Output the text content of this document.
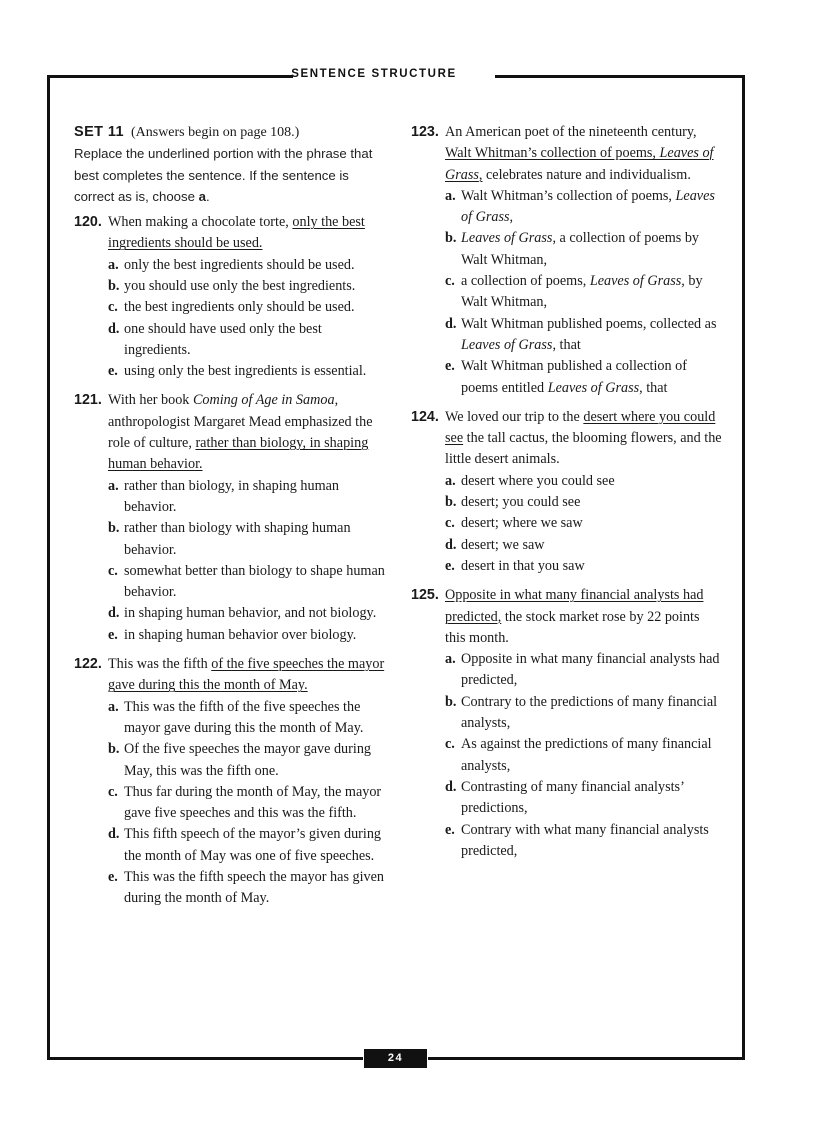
SENTENCE STRUCTURE
24
SET 11 (Answers begin on page 108.)

Replace the underlined portion with the phrase that best completes the sentence. If the sentence is correct as is, choose a.

120. When making a chocolate torte, only the best ingredients should be used.
a. only the best ingredients should be used.
b. you should use only the best ingredients.
c. the best ingredients only should be used.
d. one should have used only the best ingredients.
e. using only the best ingredients is essential.
121. With her book Coming of Age in Samoa, anthropologist Margaret Mead emphasized the role of culture, rather than biology, in shaping human behavior.
a. rather than biology, in shaping human behavior.
b. rather than biology with shaping human behavior.
c. somewhat better than biology to shape human behavior.
d. in shaping human behavior, and not biology.
e. in shaping human behavior over biology.
122. This was the fifth of the five speeches the mayor gave during this the month of May.
a. This was the fifth of the five speeches the mayor gave during this the month of May.
b. Of the five speeches the mayor gave during May, this was the fifth one.
c. Thus far during the month of May, the mayor gave five speeches and this was the fifth.
d. This fifth speech of the mayor’s given during the month of May was one of five speeches.
e. This was the fifth speech the mayor has given during the month of May.
123. An American poet of the nineteenth century, Walt Whitman’s collection of poems, Leaves of Grass, celebrates nature and individualism.
a. Walt Whitman’s collection of poems, Leaves of Grass,
b. Leaves of Grass, a collection of poems by Walt Whitman,
c. a collection of poems, Leaves of Grass, by Walt Whitman,
d. Walt Whitman published poems, collected as Leaves of Grass, that
e. Walt Whitman published a collection of poems entitled Leaves of Grass, that
124. We loved our trip to the desert where you could see the tall cactus, the blooming flowers, and the little desert animals.
a. desert where you could see
b. desert; you could see
c. desert; where we saw
d. desert; we saw
e. desert in that you saw
125. Opposite in what many financial analysts had predicted, the stock market rose by 22 points this month.
a. Opposite in what many financial analysts had predicted,
b. Contrary to the predictions of many financial analysts,
c. As against the predictions of many financial analysts,
d. Contrasting of many financial analysts’ predictions,
e. Contrary with what many financial analysts predicted,
